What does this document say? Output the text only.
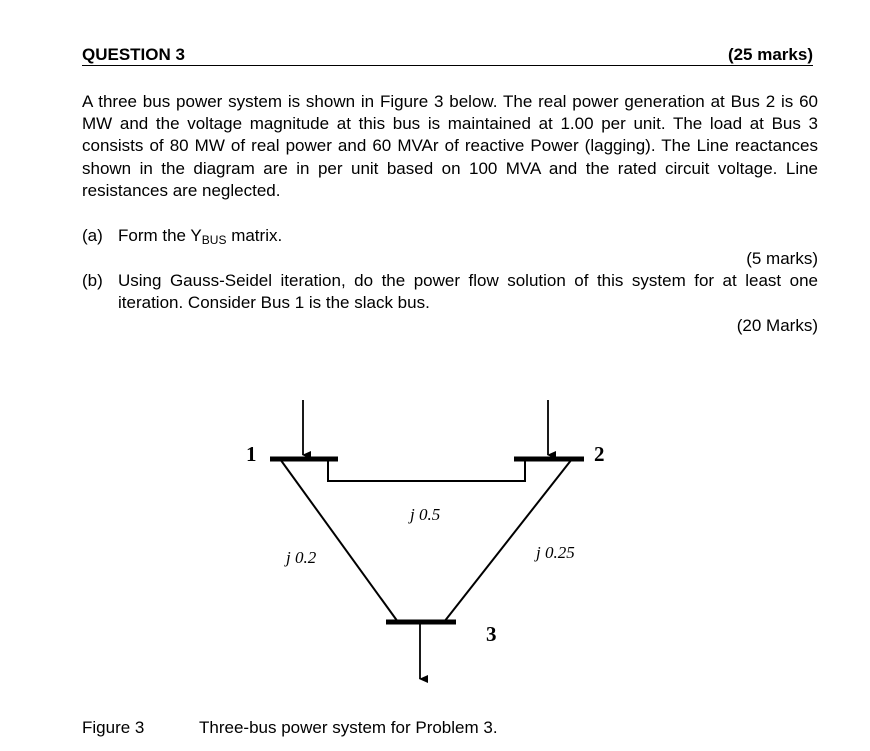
QUESTION 3	(25 marks)
A three bus power system is shown in Figure 3 below. The real power generation at Bus 2 is 60 MW and the voltage magnitude at this bus is maintained at 1.00 per unit. The load at Bus 3 consists of 80 MW of real power and 60 MVAr of reactive Power (lagging). The Line reactances shown in the diagram are in per unit based on 100 MVA and the rated circuit voltage. Line resistances are neglected.
(a) Form the $Y_{BUS}$ matrix.
(5 marks)
(b) Using Gauss-Seidel iteration, do the power flow solution of this system for at least one iteration. Consider Bus 1 is the slack bus.
(20 Marks)
1	2
3
j 0.5
j 0.2	j 0.25
Figure 3	Three-bus power system for Problem 3.
